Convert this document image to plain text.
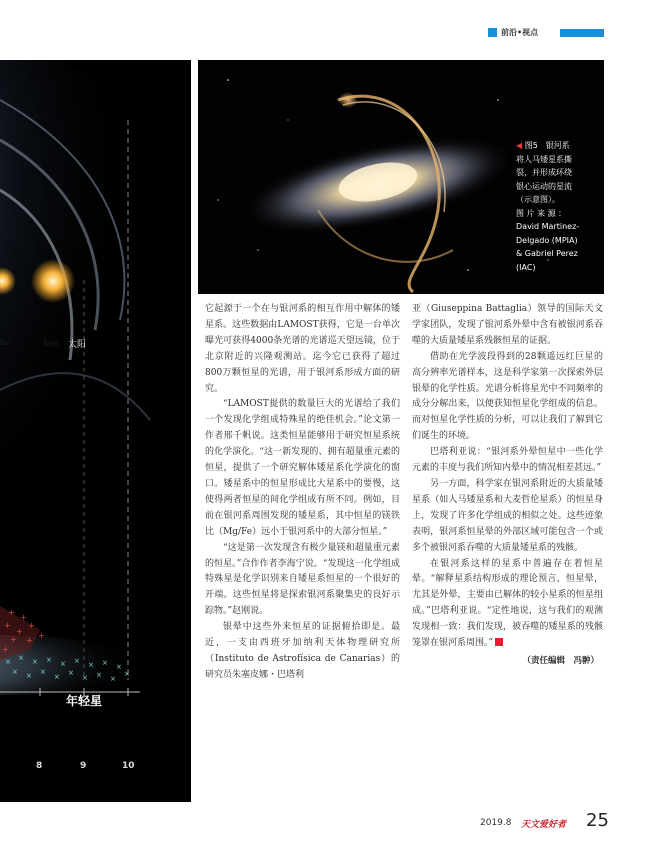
前沿•视点
+
+
+
+
+
+ +
+
+
× × × × × × × × ×
× × ×
× ×
× × ×
×
Su	Sun 太阳
年轻星
8	9	10
◀ 图5　银河系
将人马矮星系撕
裂，并形成环绕
银心运动的星流
（示意图）。
图 片 来 源 ：
David Martinez-
Delgado (MPIA)
& Gabriel Perez
(IAC)

它起源于一个在与银河系的相互作用中解体的矮星系。这些数据由LAMOST获得，它是一台单次曝光可获得4000条光谱的光谱巡天望远镜，位于北京附近的兴隆观测站。迄今它已获得了超过800万颗恒星的光谱，用于银河系形成方面的研究。

“LAMOST提供的数量巨大的光谱给了我们一个发现化学组成特殊星的绝佳机会。”论文第一作者邢千帆说。这类恒星能够用于研究恒星系统的化学演化。“这一新发现的、拥有超量重元素的恒星，提供了一个研究解体矮星系化学演化的窗口。矮星系中的恒星形成比大星系中的要慢，这使得两者恒星的间化学组成有所不同。例如，目前在银河系周围发现的矮星系，其中恒星的镁铁比（Mg/Fe）远小于银河系中的大部分恒星。”

“这是第一次发现含有极少量镁和超量重元素的恒星。”合作作者李海宁说。“发现这一化学组成特殊星是化学识别来自矮星系恒星的一个很好的开端。这些恒星将是探索银河系聚集史的良好示踪物。”赵刚说。

银晕中这些外来恒星的证据俯拾即是。最近，一支由西班牙加纳利天体物理研究所（Instituto de Astrofísica de Canarias）的研究员朱塞皮娜・巴塔利

亚（Giuseppina Battaglia）领导的国际天文学家团队，发现了银河系外晕中含有被银河系吞噬的大质量矮星系残骸恒星的证据。

借助在光学波段得到的28颗遥远红巨星的高分辨率光谱样本，这是科学家第一次探索外层银晕的化学性质。光谱分析将星光中不同频率的成分分解出来，以便获知恒星化学组成的信息。而对恒星化学性质的分析，可以让我们了解到它们诞生的环境。

巴塔利亚说：“银河系外晕恒星中一些化学元素的丰度与我们所知内晕中的情况相差甚远。”

另一方面，科学家在银河系附近的大质量矮星系（如人马矮星系和大麦哲伦星系）的恒星身上，发现了许多化学组成的相似之处。这些迹象表明，银河系恒星晕的外部区域可能包含一个或多个被银河系吞噬的大质量矮星系的残骸。

在银河系这样的星系中普遍存在着恒星晕。“解释星系结构形成的理论预言，恒星晕，尤其是外晕，主要由已解体的较小星系的恒星组成。”巴塔利亚说。“定性地说，这与我们的观测发现相一致：我们发现，被吞噬的矮星系的残骸笼罩在银河系周围。”

（责任编辑　冯翀）
2019.8 天文爱好者 25
